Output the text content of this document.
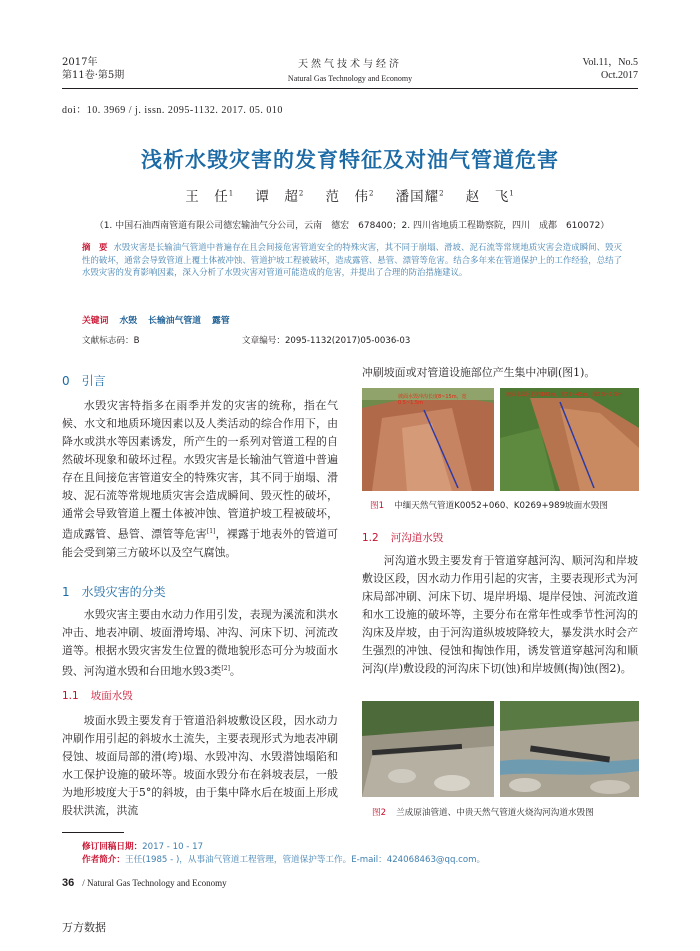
2017年
第11卷·第5期
天然气技术与经济
Natural Gas Technology and Economy
Vol.11，No.5
Oct.2017
doi：10. 3969 / j. issn. 2095-1132. 2017. 05. 010
浅析水毁灾害的发育特征及对油气管道危害
王　任$^1$ 谭　超$^2$ 范　伟$^2$ 潘国耀$^2$ 赵　飞$^1$
（1. 中国石油西南管道有限公司德宏输油气分公司，云南　德宏　678400；2. 四川省地质工程勘察院，四川　成都　610072）
摘　要 水毁灾害是长输油气管道中普遍存在且会间接危害管道安全的特殊灾害，其不同于崩塌、滑坡、泥石流等常规地质灾害会造成瞬间、毁灭性的破坏，通常会导致管道上覆土体被冲蚀、管道护坡工程被破坏，造成露管、悬管、漂管等危害。结合多年来在管道保护上的工作经验，总结了水毁灾害的发育影响因素，深入分析了水毁灾害对管道可能造成的危害，并提出了合理的防治措施建议。
关键词 水毁 长输油气管道 露管
文献标志码：B	文章编号：2095-1132(2017)05-0036-03
0 引言
水毁灾害特指多在雨季并发的灾害的统称，指在气候、水文和地质环境因素以及人类活动的综合作用下，由降水或洪水等因素诱发，所产生的一系列对管道工程的自然破坏现象和破坏过程。水毁灾害是长输油气管道中普遍存在且间接危害管道安全的特殊灾害，其不同于崩塌、滑坡、泥石流等常规地质灾害会造成瞬间、毁灭性的破坏，通常会导致管道上覆土体被冲蚀、管道护坡工程被破坏，造成露管、悬管、漂管等危害[1]，裸露于地表外的管道可能会受到第三方破坏以及空气腐蚀。
1 水毁灾害的分类
水毁灾害主要由水动力作用引发，表现为溪流和洪水冲击、地表冲刷、坡面滑垮塌、冲沟、河床下切、河流改道等。根据水毁灾害发生位置的微地貌形态可分为坡面水毁、河沟道水毁和台田地水毁3类[2]。
1.1 坡面水毁
坡面水毁主要发育于管道沿斜坡敷设区段，因水动力冲刷作用引起的斜坡水土流失，主要表现形式为地表冲刷侵蚀、坡面局部的滑(垮)塌、水毁冲沟、水毁潜蚀塌陷和水工保护设施的破坏等。坡面水毁分布在斜坡表层，一般为地形坡度大于5°的斜坡，由于集中降水后在坡面上形成股状洪流，洪流
冲刷坡面或对管道设施部位产生集中冲刷(图1)。
坡面水毁冲沟长度8~15m，宽0.5~1.5m
坡面水毁区长约100m，宽35~45m，深0.5~1.5m
图1 中缅天然气管道K0052+060、K0269+989坡面水毁图
1.2 河沟道水毁
河沟道水毁主要发育于管道穿越河沟、顺河沟和岸坡敷设区段，因水动力作用引起的灾害，主要表现形式为河床局部冲刷、河床下切、堤岸坍塌、堤岸侵蚀、河流改道和水工设施的破坏等，主要分布在常年性或季节性河沟的沟床及岸坡，由于河沟道纵坡坡降较大，暴发洪水时会产生强烈的冲蚀、侵蚀和掏蚀作用，诱发管道穿越河沟和顺河沟(岸)敷设段的河沟床下切(蚀)和岸坡侧(掏)蚀(图2)。
图2 兰成原油管道、中贵天然气管道火烧沟河沟道水毁图
修订回稿日期：2017 - 10 - 17
作者简介：王任(1985 - )，从事油气管道工程管理，管道保护等工作。E-mail：424068463@qq.com。
36 / Natural Gas Technology and Economy
万方数据
